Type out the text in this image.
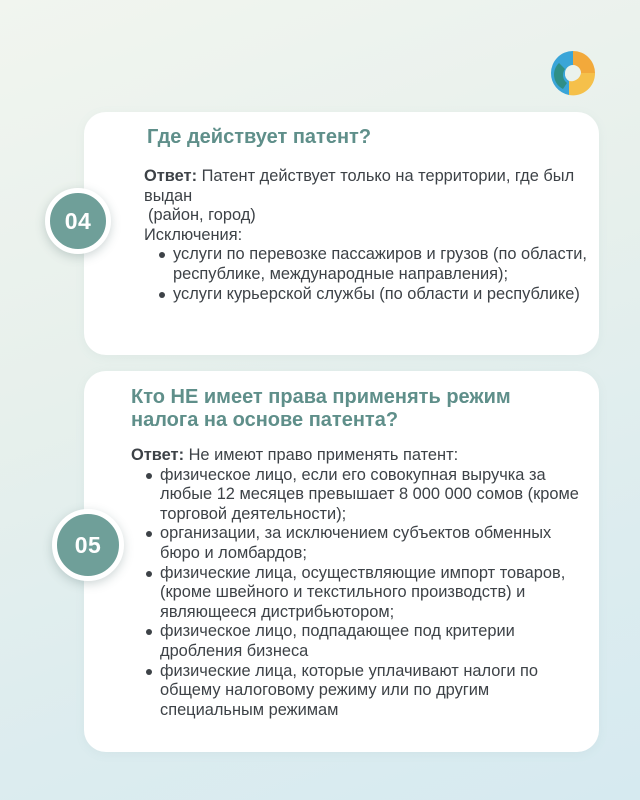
04
Где действует патент?

Ответ: Патент действует только на территории, где был выдан

(район, город)

Исключения:

услуги по перевозке пассажиров и грузов (по области, республике, международные направления);
услуги курьерской службы (по области и республике)
05
Кто НЕ имеет права применять режим налога на основе патента?

Ответ: Не имеют право применять патент:

физическое лицо, если его совокупная выручка за любые 12 месяцев превышает 8 000 000 сомов (кроме торговой деятельности);
организации, за исключением субъектов обменных бюро и ломбардов;
физические лица, осуществляющие импорт товаров, (кроме швейного и текстильного производств) и являющееся дистрибьютором;
физическое лицо, подпадающее под критерии дробления бизнеса
физические лица, которые уплачивают налоги по общему налоговому режиму или по другим специальным режимам
